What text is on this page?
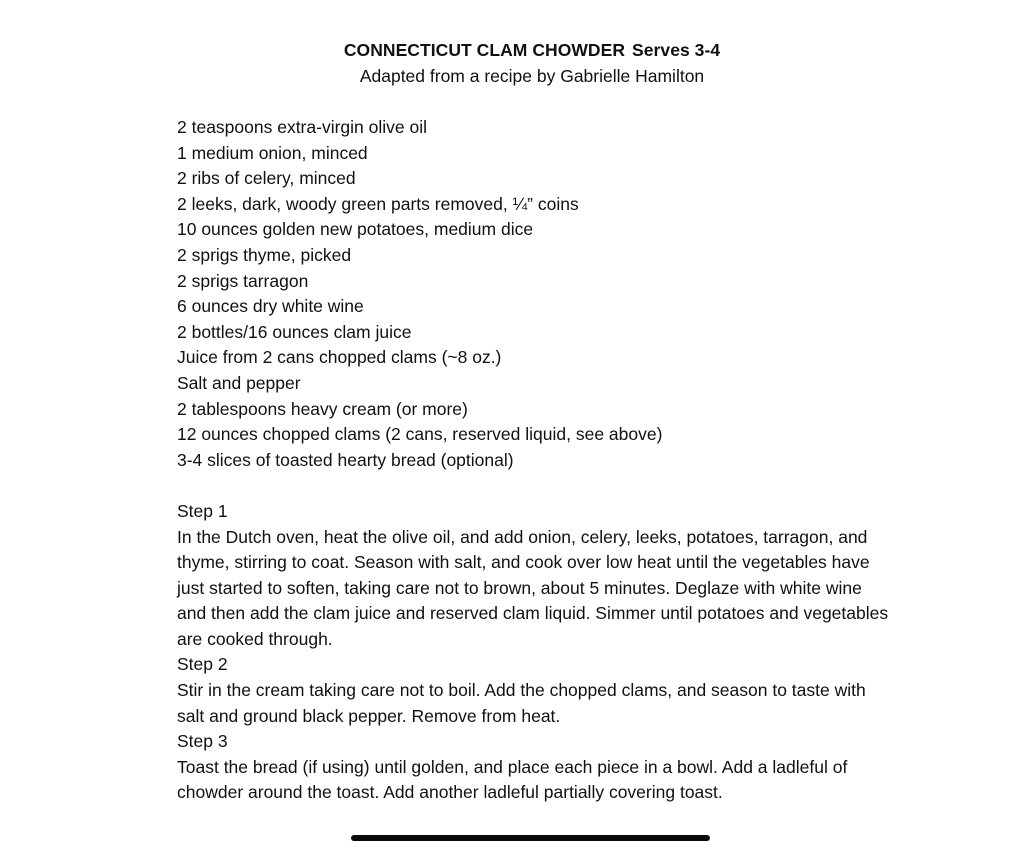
CONNECTICUT CLAM CHOWDER Serves 3-4
Adapted from a recipe by Gabrielle Hamilton
2 teaspoons extra-virgin olive oil
1 medium onion, minced
2 ribs of celery, minced
2 leeks, dark, woody green parts removed, ¼” coins
10 ounces golden new potatoes, medium dice
2 sprigs thyme, picked
2 sprigs tarragon
6 ounces dry white wine
2 bottles/16 ounces clam juice
Juice from 2 cans chopped clams (~8 oz.)
Salt and pepper
2 tablespoons heavy cream (or more)
12 ounces chopped clams (2 cans, reserved liquid, see above)
3-4 slices of toasted hearty bread (optional)

Step 1

In the Dutch oven, heat the olive oil, and add onion, celery, leeks, potatoes, tarragon, and thyme, stirring to coat. Season with salt, and cook over low heat until the vegetables have just started to soften, taking care not to brown, about 5 minutes. Deglaze with white wine and then add the clam juice and reserved clam liquid. Simmer until potatoes and vegetables are cooked through.

Step 2

Stir in the cream taking care not to boil. Add the chopped clams, and season to taste with salt and ground black pepper. Remove from heat.

Step 3

Toast the bread (if using) until golden, and place each piece in a bowl. Add a ladleful of chowder around the toast. Add another ladleful partially covering toast.
